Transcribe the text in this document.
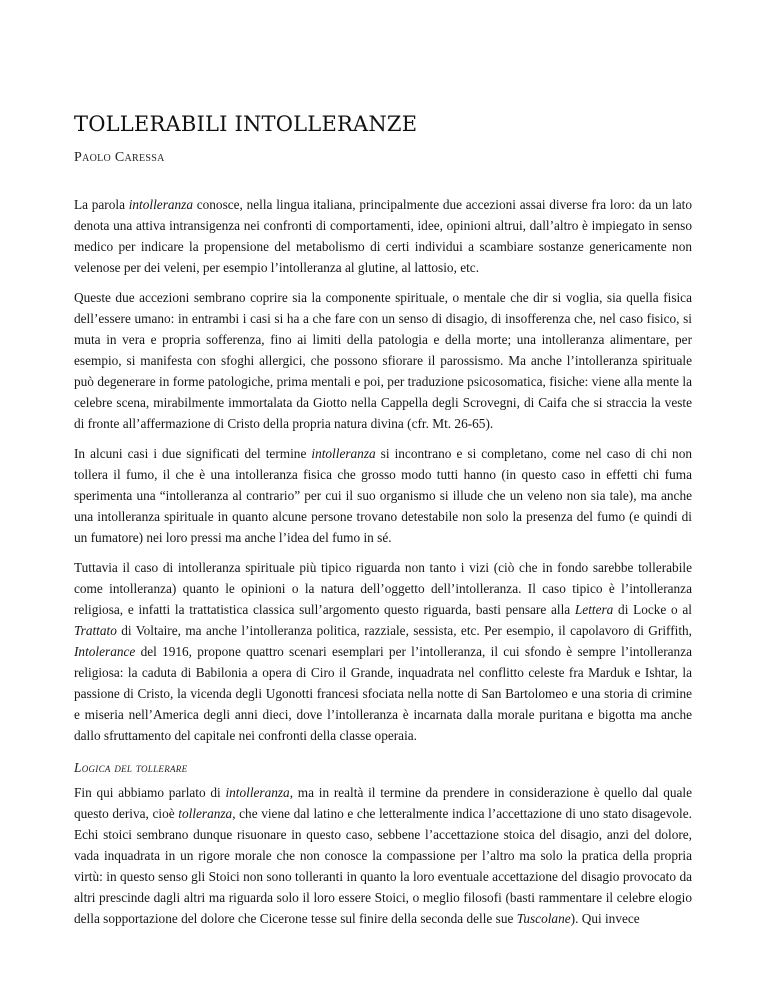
TOLLERABILI INTOLLERANZE
Paolo Caressa

La parola intolleranza conosce, nella lingua italiana, principalmente due accezioni assai diverse fra loro: da un lato denota una attiva intransigenza nei confronti di comportamenti, idee, opinioni altrui, dall’altro è impiegato in senso medico per indicare la propensione del metabolismo di certi individui a scambiare sostanze genericamente non velenose per dei veleni, per esempio l’intolleranza al glutine, al lattosio, etc.

Queste due accezioni sembrano coprire sia la componente spirituale, o mentale che dir si voglia, sia quella fisica dell’essere umano: in entrambi i casi si ha a che fare con un senso di disagio, di insofferenza che, nel caso fisico, si muta in vera e propria sofferenza, fino ai limiti della patologia e della morte; una intolleranza alimentare, per esempio, si manifesta con sfoghi allergici, che possono sfiorare il parossismo. Ma anche l’intolleranza spirituale può degenerare in forme patologiche, prima mentali e poi, per traduzione psicosomatica, fisiche: viene alla mente la celebre scena, mirabilmente immortalata da Giotto nella Cappella degli Scrovegni, di Caifa che si straccia la veste di fronte all’affermazione di Cristo della propria natura divina (cfr. Mt. 26-65).

In alcuni casi i due significati del termine intolleranza si incontrano e si completano, come nel caso di chi non tollera il fumo, il che è una intolleranza fisica che grosso modo tutti hanno (in questo caso in effetti chi fuma sperimenta una “intolleranza al contrario” per cui il suo organismo si illude che un veleno non sia tale), ma anche una intolleranza spirituale in quanto alcune persone trovano detestabile non solo la presenza del fumo (e quindi di un fumatore) nei loro pressi ma anche l’idea del fumo in sé.

Tuttavia il caso di intolleranza spirituale più tipico riguarda non tanto i vizi (ciò che in fondo sarebbe tollerabile come intolleranza) quanto le opinioni o la natura dell’oggetto dell’intolleranza. Il caso tipico è l’intolleranza religiosa, e infatti la trattatistica classica sull’argomento questo riguarda, basti pensare alla Lettera di Locke o al Trattato di Voltaire, ma anche l’intolleranza politica, razziale, sessista, etc. Per esempio, il capolavoro di Griffith, Intolerance del 1916, propone quattro scenari esemplari per l’intolleranza, il cui sfondo è sempre l’intolleranza religiosa: la caduta di Babilonia a opera di Ciro il Grande, inquadrata nel conflitto celeste fra Marduk e Ishtar, la passione di Cristo, la vicenda degli Ugonotti francesi sfociata nella notte di San Bartolomeo e una storia di crimine e miseria nell’America degli anni dieci, dove l’intolleranza è incarnata dalla morale puritana e bigotta ma anche dallo sfruttamento del capitale nei confronti della classe operaia.

Logica del tollerare

Fin qui abbiamo parlato di intolleranza, ma in realtà il termine da prendere in considerazione è quello dal quale questo deriva, cioè tolleranza, che viene dal latino e che letteralmente indica l’accettazione di uno stato disagevole. Echi stoici sembrano dunque risuonare in questo caso, sebbene l’accettazione stoica del disagio, anzi del dolore, vada inquadrata in un rigore morale che non conosce la compassione per l’altro ma solo la pratica della propria virtù: in questo senso gli Stoici non sono tolleranti in quanto la loro eventuale accettazione del disagio provocato da altri prescinde dagli altri ma riguarda solo il loro essere Stoici, o meglio filosofi (basti rammentare il celebre elogio della sopportazione del dolore che Cicerone tesse sul finire della seconda delle sue Tuscolane). Qui invece
